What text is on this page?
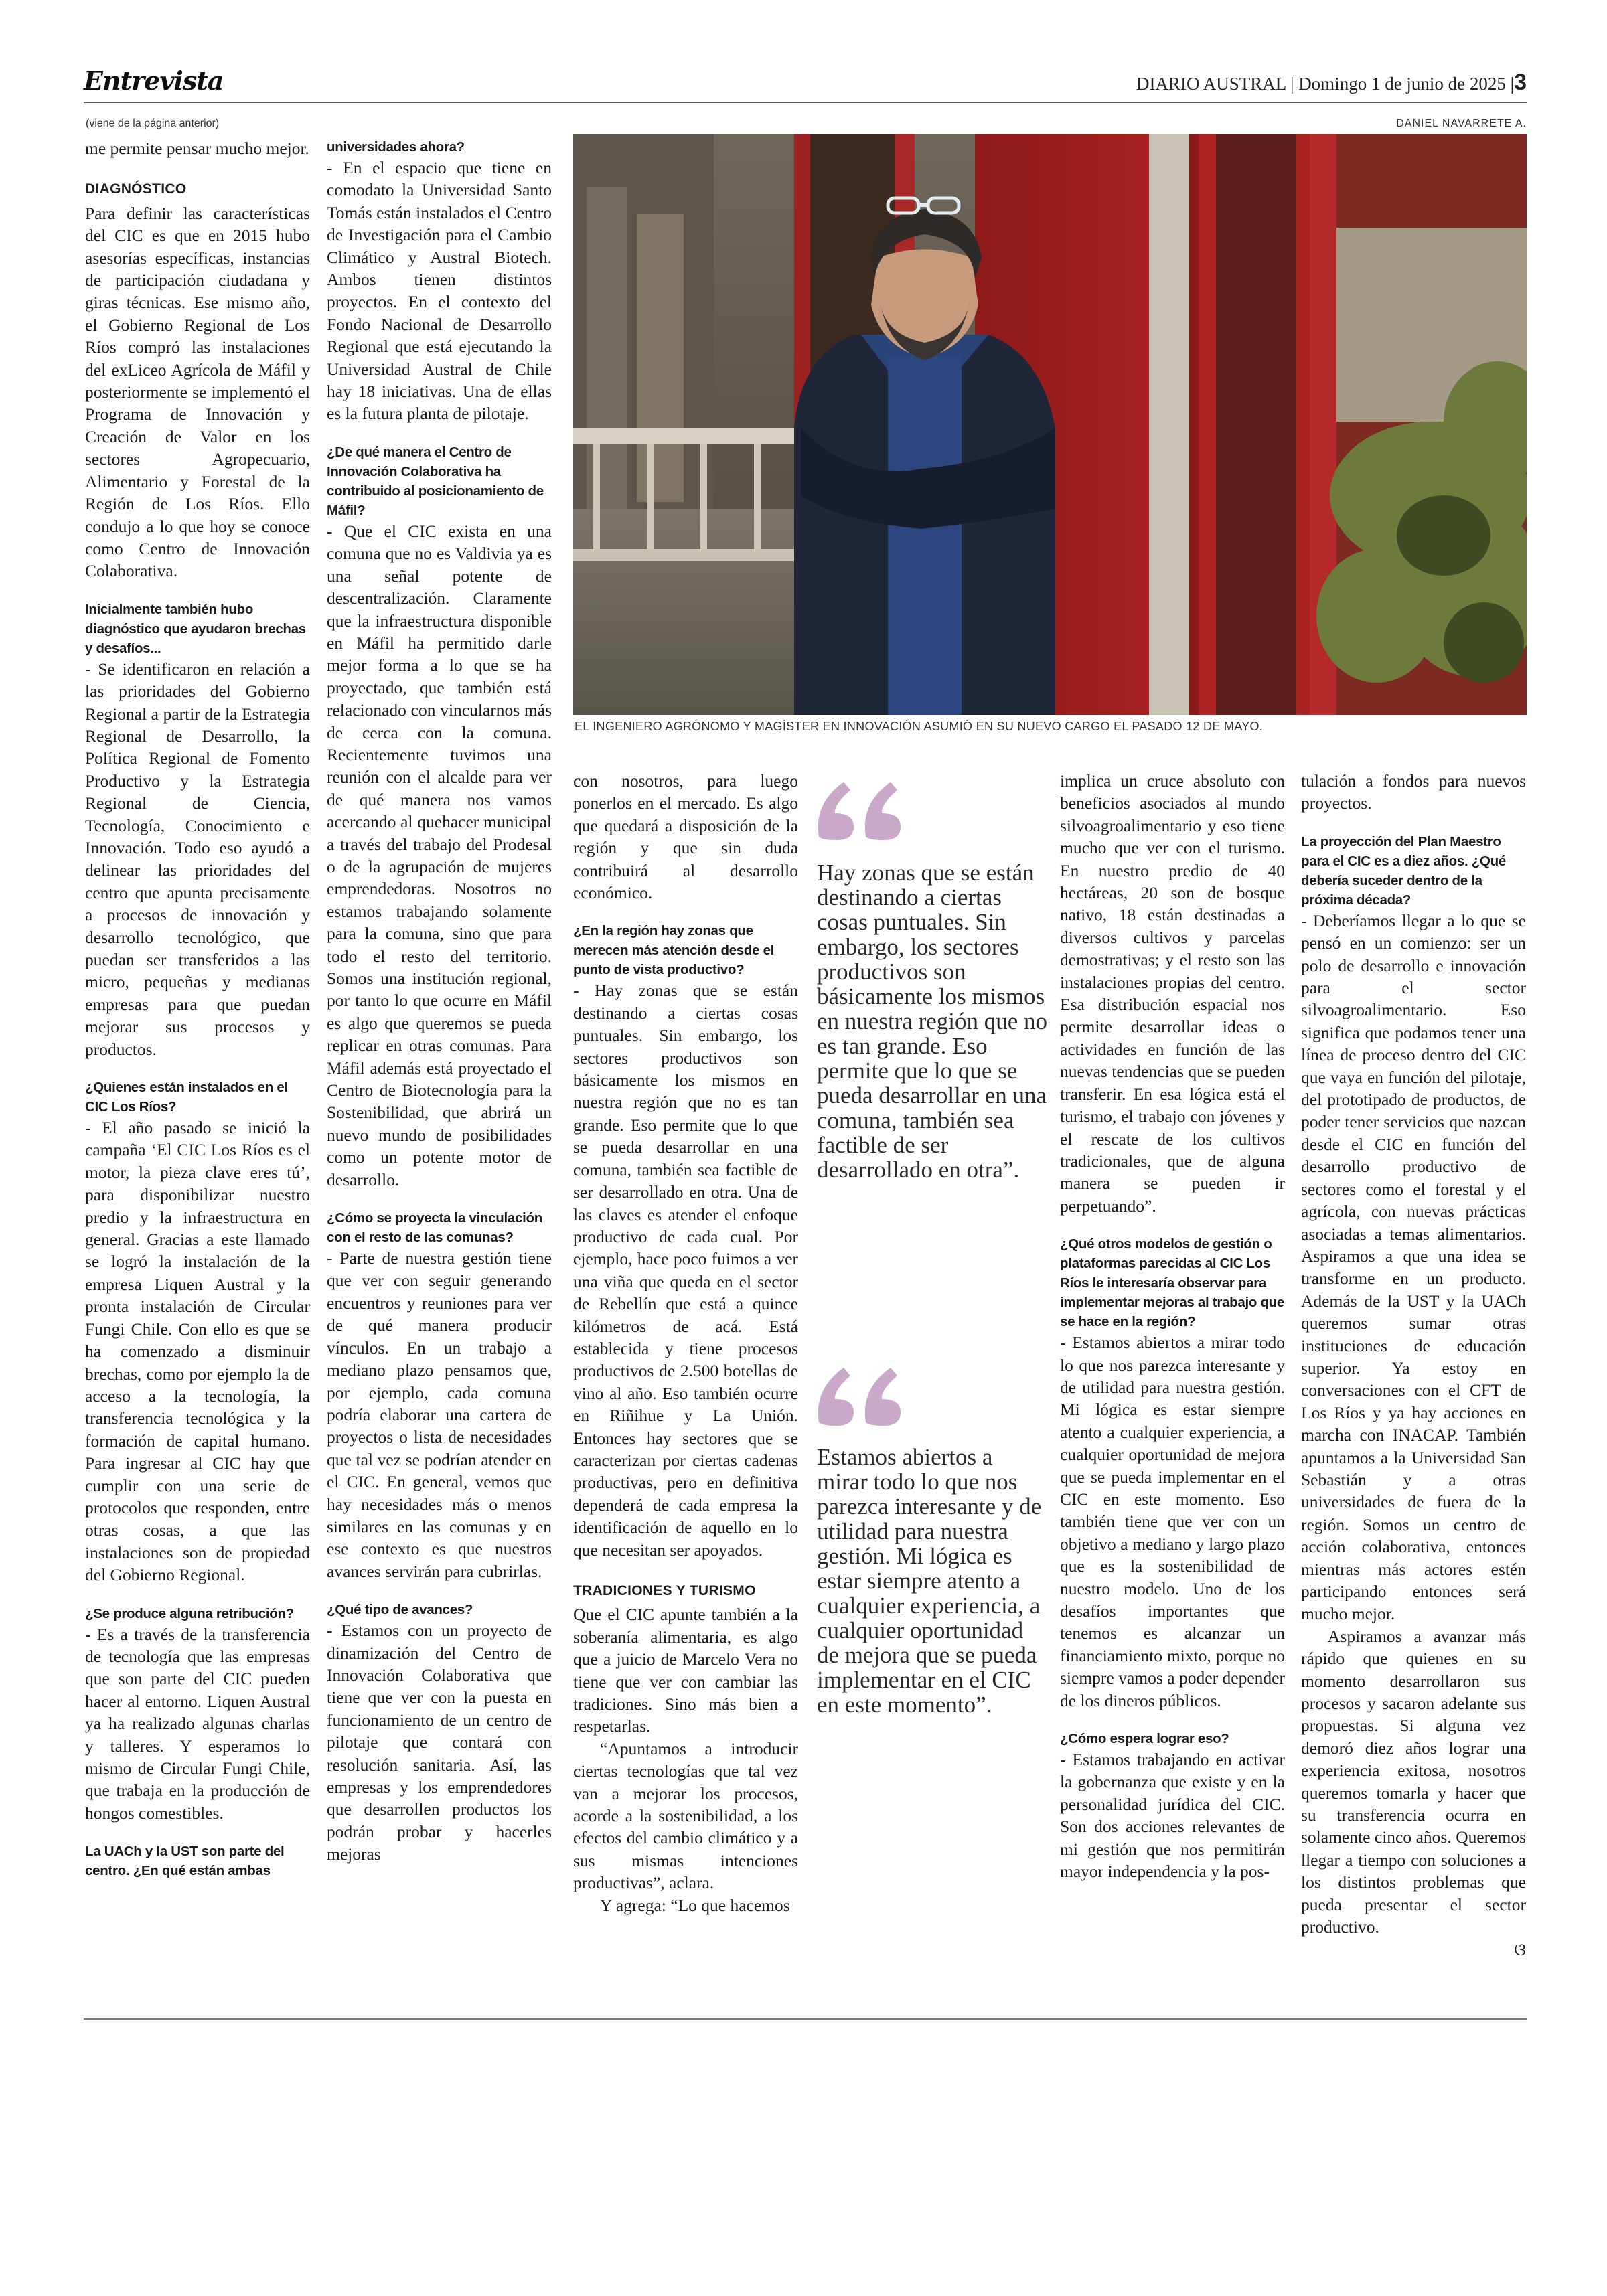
Entrevista	DIARIO AUSTRAL | Domingo 1 de junio de 2025 |3
(viene de la página anterior)	DANIEL NAVARRETE A.
EL INGENIERO AGRÓNOMO Y MAGÍSTER EN INNOVACIÓN ASUMIÓ EN SU NUEVO CARGO EL PASADO 12 DE MAYO.

me permite pensar mucho mejor.

DIAGNÓSTICO

Para definir las características del CIC es que en 2015 hubo asesorías específicas, instancias de participación ciudadana y giras técnicas. Ese mismo año, el Gobierno Regional de Los Ríos compró las instalaciones del exLiceo Agrícola de Máfil y posteriormente se implementó el Programa de Innovación y Creación de Valor en los sectores Agropecuario, Alimentario y Forestal de la Región de Los Ríos. Ello condujo a lo que hoy se conoce como Centro de Innovación Colaborativa.

Inicialmente también hubo diagnóstico que ayudaron brechas y desafíos...

- Se identificaron en relación a las prioridades del Gobierno Regional a partir de la Estrategia Regional de Desarrollo, la Política Regional de Fomento Productivo y la Estrategia Regional de Ciencia, Tecnología, Conocimiento e Innovación. Todo eso ayudó a delinear las prioridades del centro que apunta precisamente a procesos de innovación y desarrollo tecnológico, que puedan ser transferidos a las micro, pequeñas y medianas empresas para que puedan mejorar sus procesos y productos.

¿Quienes están instalados en el CIC Los Ríos?

- El año pasado se inició la campaña ‘El CIC Los Ríos es el motor, la pieza clave eres tú’, para disponibilizar nuestro predio y la infraestructura en general. Gracias a este llamado se logró la instalación de la empresa Liquen Austral y la pronta instalación de Circular Fungi Chile. Con ello es que se ha comenzado a disminuir brechas, como por ejemplo la de acceso a la tecnología, la transferencia tecnológica y la formación de capital humano. Para ingresar al CIC hay que cumplir con una serie de protocolos que responden, entre otras cosas, a que las instalaciones son de propiedad del Gobierno Regional.

¿Se produce alguna retribución?

- Es a través de la transferencia de tecnología que las empresas que son parte del CIC pueden hacer al entorno. Liquen Austral ya ha realizado algunas charlas y talleres. Y esperamos lo mismo de Circular Fungi Chile, que trabaja en la producción de hongos comestibles.

La UACh y la UST son parte del centro. ¿En qué están ambas

universidades ahora?

- En el espacio que tiene en comodato la Universidad Santo Tomás están instalados el Centro de Investigación para el Cambio Climático y Austral Biotech. Ambos tienen distintos proyectos. En el contexto del Fondo Nacional de Desarrollo Regional que está ejecutando la Universidad Austral de Chile hay 18 iniciativas. Una de ellas es la futura planta de pilotaje.

¿De qué manera el Centro de Innovación Colaborativa ha contribuido al posicionamiento de Máfil?

- Que el CIC exista en una comuna que no es Valdivia ya es una señal potente de descentralización. Claramente que la infraestructura disponible en Máfil ha permitido darle mejor forma a lo que se ha proyectado, que también está relacionado con vincularnos más de cerca con la comuna. Recientemente tuvimos una reunión con el alcalde para ver de qué manera nos vamos acercando al quehacer municipal a través del trabajo del Prodesal o de la agrupación de mujeres emprendedoras. Nosotros no estamos trabajando solamente para la comuna, sino que para todo el resto del territorio. Somos una institución regional, por tanto lo que ocurre en Máfil es algo que queremos se pueda replicar en otras comunas. Para Máfil además está proyectado el Centro de Biotecnología para la Sostenibilidad, que abrirá un nuevo mundo de posibilidades como un potente motor de desarrollo.

¿Cómo se proyecta la vinculación con el resto de las comunas?

- Parte de nuestra gestión tiene que ver con seguir generando encuentros y reuniones para ver de qué manera producir vínculos. En un trabajo a mediano plazo pensamos que, por ejemplo, cada comuna podría elaborar una cartera de proyectos o lista de necesidades que tal vez se podrían atender en el CIC. En general, vemos que hay necesidades más o menos similares en las comunas y en ese contexto es que nuestros avances servirán para cubrirlas.

¿Qué tipo de avances?

- Estamos con un proyecto de dinamización del Centro de Innovación Colaborativa que tiene que ver con la puesta en funcionamiento de un centro de pilotaje que contará con resolución sanitaria. Así, las empresas y los emprendedores que desarrollen productos los podrán probar y hacerles mejoras

con nosotros, para luego ponerlos en el mercado. Es algo que quedará a disposición de la región y que sin duda contribuirá al desarrollo económico.

¿En la región hay zonas que merecen más atención desde el punto de vista productivo?

- Hay zonas que se están destinando a ciertas cosas puntuales. Sin embargo, los sectores productivos son básicamente los mismos en nuestra región que no es tan grande. Eso permite que lo que se pueda desarrollar en una comuna, también sea factible de ser desarrollado en otra. Una de las claves es atender el enfoque productivo de cada cual. Por ejemplo, hace poco fuimos a ver una viña que queda en el sector de Rebellín que está a quince kilómetros de acá. Está establecida y tiene procesos productivos de 2.500 botellas de vino al año. Eso también ocurre en Riñihue y La Unión. Entonces hay sectores que se caracterizan por ciertas cadenas productivas, pero en definitiva dependerá de cada empresa la identificación de aquello en lo que necesitan ser apoyados.

TRADICIONES Y TURISMO

Que el CIC apunte también a la soberanía alimentaria, es algo que a juicio de Marcelo Vera no tiene que ver con cambiar las tradiciones. Sino más bien a respetarlas.

“Apuntamos a introducir ciertas tecnologías que tal vez van a mejorar los procesos, acorde a la sostenibilidad, a los efectos del cambio climático y a sus mismas intenciones productivas”, aclara.

Y agrega: “Lo que hacemos

Hay zonas que se están destinando a ciertas cosas puntuales. Sin embargo, los sectores productivos son básicamente los mismos en nuestra región que no es tan grande. Eso permite que lo que se pueda desarrollar en una comuna, también sea factible de ser desarrollado en otra”.
Estamos abiertos a mirar todo lo que nos parezca interesante y de utilidad para nuestra gestión. Mi lógica es estar siempre atento a cualquier experiencia, a cualquier oportunidad de mejora que se pueda implementar en el CIC en este momento”.

implica un cruce absoluto con beneficios asociados al mundo silvoagroalimentario y eso tiene mucho que ver con el turismo. En nuestro predio de 40 hectáreas, 20 son de bosque nativo, 18 están destinadas a diversos cultivos y parcelas demostrativas; y el resto son las instalaciones propias del centro. Esa distribución espacial nos permite desarrollar ideas o actividades en función de las nuevas tendencias que se pueden transferir. En esa lógica está el turismo, el trabajo con jóvenes y el rescate de los cultivos tradicionales, que de alguna manera se pueden ir perpetuando”.

¿Qué otros modelos de gestión o plataformas parecidas al CIC Los Ríos le interesaría observar para implementar mejoras al trabajo que se hace en la región?

- Estamos abiertos a mirar todo lo que nos parezca interesante y de utilidad para nuestra gestión. Mi lógica es estar siempre atento a cualquier experiencia, a cualquier oportunidad de mejora que se pueda implementar en el CIC en este momento. Eso también tiene que ver con un objetivo a mediano y largo plazo que es la sostenibilidad de nuestro modelo. Uno de los desafíos importantes que tenemos es alcanzar un financiamiento mixto, porque no siempre vamos a poder depender de los dineros públicos.

¿Cómo espera lograr eso?

- Estamos trabajando en activar la gobernanza que existe y en la personalidad jurídica del CIC. Son dos acciones relevantes de mi gestión que nos permitirán mayor independencia y la pos-

tulación a fondos para nuevos proyectos.

La proyección del Plan Maestro para el CIC es a diez años. ¿Qué debería suceder dentro de la próxima década?

- Deberíamos llegar a lo que se pensó en un comienzo: ser un polo de desarrollo e innovación para el sector silvoagroalimentario. Eso significa que podamos tener una línea de proceso dentro del CIC que vaya en función del pilotaje, del prototipado de productos, de poder tener servicios que nazcan desde el CIC en función del desarrollo productivo de sectores como el forestal y el agrícola, con nuevas prácticas asociadas a temas alimentarios. Aspiramos a que una idea se transforme en un producto. Además de la UST y la UACh queremos sumar otras instituciones de educación superior. Ya estoy en conversaciones con el CFT de Los Ríos y ya hay acciones en marcha con INACAP. También apuntamos a la Universidad San Sebastián y a otras universidades de fuera de la región. Somos un centro de acción colaborativa, entonces mientras más actores estén participando entonces será mucho mejor.

Aspiramos a avanzar más rápido que quienes en su momento desarrollaron sus procesos y sacaron adelante sus propuestas. Si alguna vez demoró diez años lograr una experiencia exitosa, nosotros queremos tomarla y hacer que su transferencia ocurra en solamente cinco años. Queremos llegar a tiempo con soluciones a los distintos problemas que pueda presentar el sector productivo.

ଓ
